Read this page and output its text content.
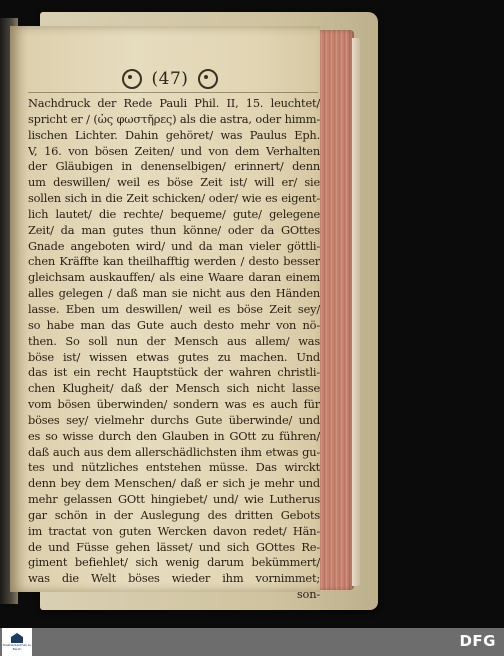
(47)
Nachdruck der Rede Pauli Phil. II, 15. leuchtet/
spricht er / (ὡς φωστῆρες) als die astra, oder himm-
lischen Lichter. Dahin gehöret/ was Paulus Eph.
V, 16. von bösen Zeiten/ und von dem Verhalten
der Gläubigen in denenselbigen/ erinnert/ denn
um deswillen/ weil es böse Zeit ist/ will er/ sie
sollen sich in die Zeit schicken/ oder/ wie es eigent-
lich lautet/ die rechte/ bequeme/ gute/ gelegene
Zeit/ da man gutes thun könne/ oder da GOttes
Gnade angeboten wird/ und da man vieler göttli-
chen Kräffte kan theilhafftig werden / desto besser
gleichsam auskauffen/ als eine Waare daran einem
alles gelegen / daß man sie nicht aus den Händen
lasse. Eben um deswillen/ weil es böse Zeit sey/
so habe man das Gute auch desto mehr von nö-
then. So soll nun der Mensch aus allem/ was
böse ist/ wissen etwas gutes zu machen. Und
das ist ein recht Hauptstück der wahren christli-
chen Klugheit/ daß der Mensch sich nicht lasse
vom bösen überwinden/ sondern was es auch für
böses sey/ vielmehr durchs Gute überwinde/ und
es so wisse durch den Glauben in GOtt zu führen/
daß auch aus dem allerschädlichsten ihm etwas gu-
tes und nützliches entstehen müsse. Das wirckt
denn bey dem Menschen/ daß er sich je mehr und
mehr gelassen GOtt hingiebet/ und/ wie Lutherus
gar schön in der Auslegung des dritten Gebots
im tractat von guten Wercken davon redet/ Hän-
de und Füsse gehen lässet/ und sich GOttes Re-
giment befiehlet/ sich wenig darum bekümmert/
was die Welt böses wieder ihm vornimmet;
son-
Staatsbibliothek zu Berlin	DFG
